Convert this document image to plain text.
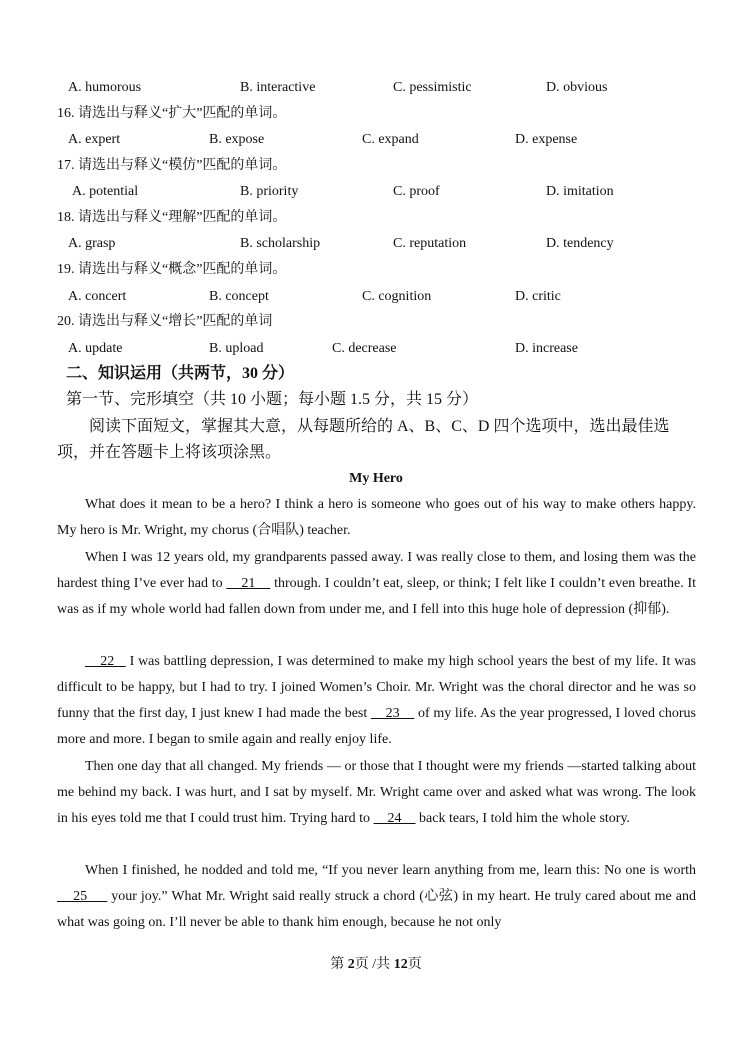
A. humorous	B. interactive	C. pessimistic	D. obvious
16. 请选出与释义“扩大”匹配的单词。
A. expert	B. expose	C. expand	D. expense
17. 请选出与释义“模仿”匹配的单词。
A. potential	B. priority	C. proof	D. imitation
18. 请选出与释义“理解”匹配的单词。
A. grasp	B. scholarship	C. reputation	D. tendency
19. 请选出与释义“概念”匹配的单词。
A. concert	B. concept	C. cognition	D. critic
20. 请选出与释义“增长”匹配的单词
A. update	B. upload	C. decrease	D. increase
二、知识运用（共两节，30 分）
第一节、完形填空（共 10 小题；每小题 1.5 分，共 15 分）
阅读下面短文，掌握其大意，从每题所给的 A、B、C、D 四个选项中，选出最佳选项，并在答题卡上将该项涂黑。
My Hero
What does it mean to be a hero? I think a hero is someone who goes out of his way to make others happy. My hero is Mr. Wright, my chorus (合唱队) teacher.
When I was 12 years old, my grandparents passed away. I was really close to them, and losing them was the hardest thing I’ve ever had to     21     through. I couldn’t eat, sleep, or think; I felt like I couldn’t even breathe. It was as if my whole world had fallen down from under me, and I fell into this huge hole of depression (抑郁).
22    I was battling depression, I was determined to make my high school years the best of my life. It was difficult to be happy, but I had to try. I joined Women’s Choir. Mr. Wright was the choral director and he was so funny that the first day, I just knew I had made the best     23     of my life. As the year progressed, I loved chorus more and more. I began to smile again and really enjoy life.
Then one day that all changed. My friends — or those that I thought were my friends —started talking about me behind my back. I was hurt, and I sat by myself. Mr. Wright came over and asked what was wrong. The look in his eyes told me that I could trust him. Trying hard to     24     back tears, I told him the whole story.
When I finished, he nodded and told me, “If you never learn anything from me, learn this: No one is worth     25      your joy.” What Mr. Wright said really struck a chord (心弦) in my heart. He truly cared about me and what was going on. I’ll never be able to thank him enough, because he not only
第 2页 /共 12页
